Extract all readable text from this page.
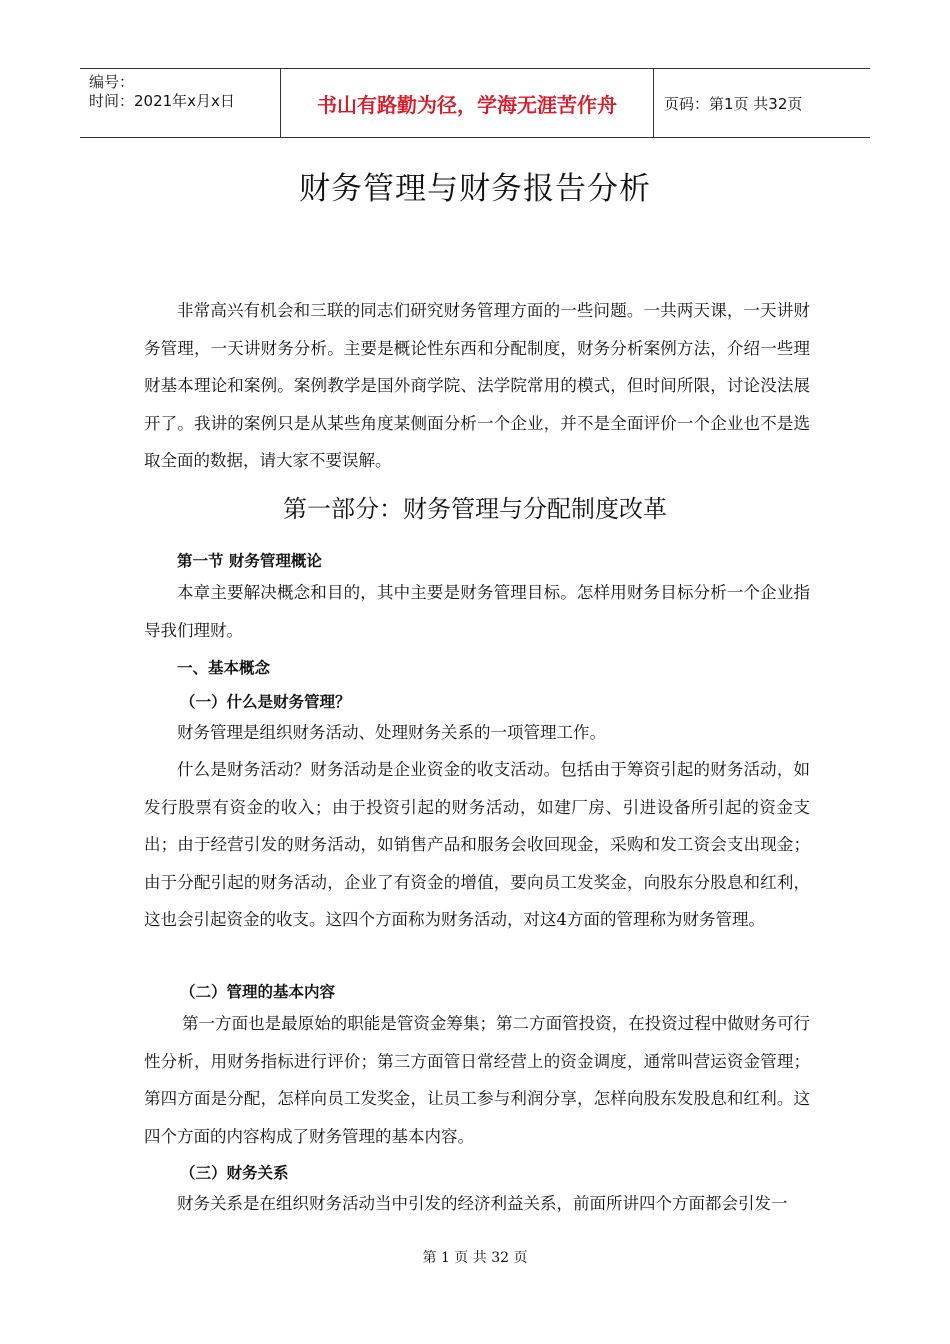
编号：
时间：2021年x月x日	书山有路勤为径，学海无涯苦作舟	页码：第1页 共32页
财务管理与财务报告分析
非常高兴有机会和三联的同志们研究财务管理方面的一些问题。一共两天课，一天讲财务管理，一天讲财务分析。主要是概论性东西和分配制度，财务分析案例方法，介绍一些理财基本理论和案例。案例教学是国外商学院、法学院常用的模式，但时间所限，讨论没法展开了。我讲的案例只是从某些角度某侧面分析一个企业，并不是全面评价一个企业也不是选取全面的数据，请大家不要误解。
第一部分：财务管理与分配制度改革
第一节 财务管理概论
本章主要解决概念和目的，其中主要是财务管理目标。怎样用财务目标分析一个企业指导我们理财。
一、基本概念
（一）什么是财务管理？
财务管理是组织财务活动、处理财务关系的一项管理工作。
什么是财务活动？财务活动是企业资金的收支活动。包括由于筹资引起的财务活动，如发行股票有资金的收入；由于投资引起的财务活动，如建厂房、引进设备所引起的资金支出；由于经营引发的财务活动，如销售产品和服务会收回现金，采购和发工资会支出现金；由于分配引起的财务活动，企业了有资金的增值，要向员工发奖金，向股东分股息和红利，这也会引起资金的收支。这四个方面称为财务活动，对这4方面的管理称为财务管理。
（二）管理的基本内容
第一方面也是最原始的职能是管资金筹集；第二方面管投资，在投资过程中做财务可行性分析，用财务指标进行评价；第三方面管日常经营上的资金调度，通常叫营运资金管理；第四方面是分配，怎样向员工发奖金，让员工参与利润分享，怎样向股东发股息和红利。这四个方面的内容构成了财务管理的基本内容。
（三）财务关系
财务关系是在组织财务活动当中引发的经济利益关系，前面所讲四个方面都会引发一
第 1 页 共 32 页
